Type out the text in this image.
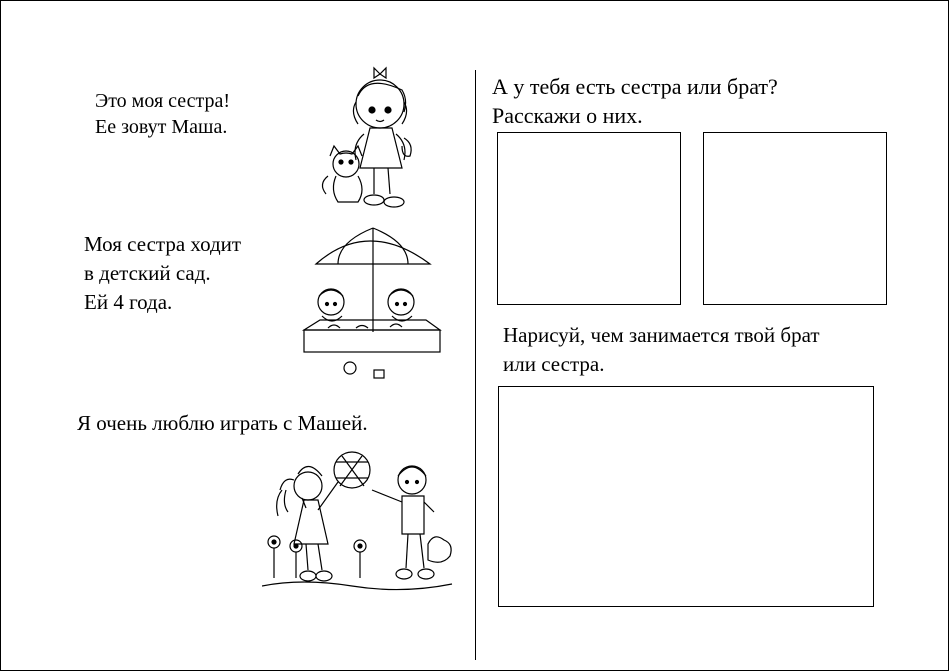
Это моя сестра!
Ее зовут Маша.
Моя сестра ходит
в детский сад.
Ей 4 года.
Я очень люблю играть с Машей.
А у тебя есть сестра или брат?
Расскажи о них.
Нарисуй, чем занимается твой брат
или сестра.
